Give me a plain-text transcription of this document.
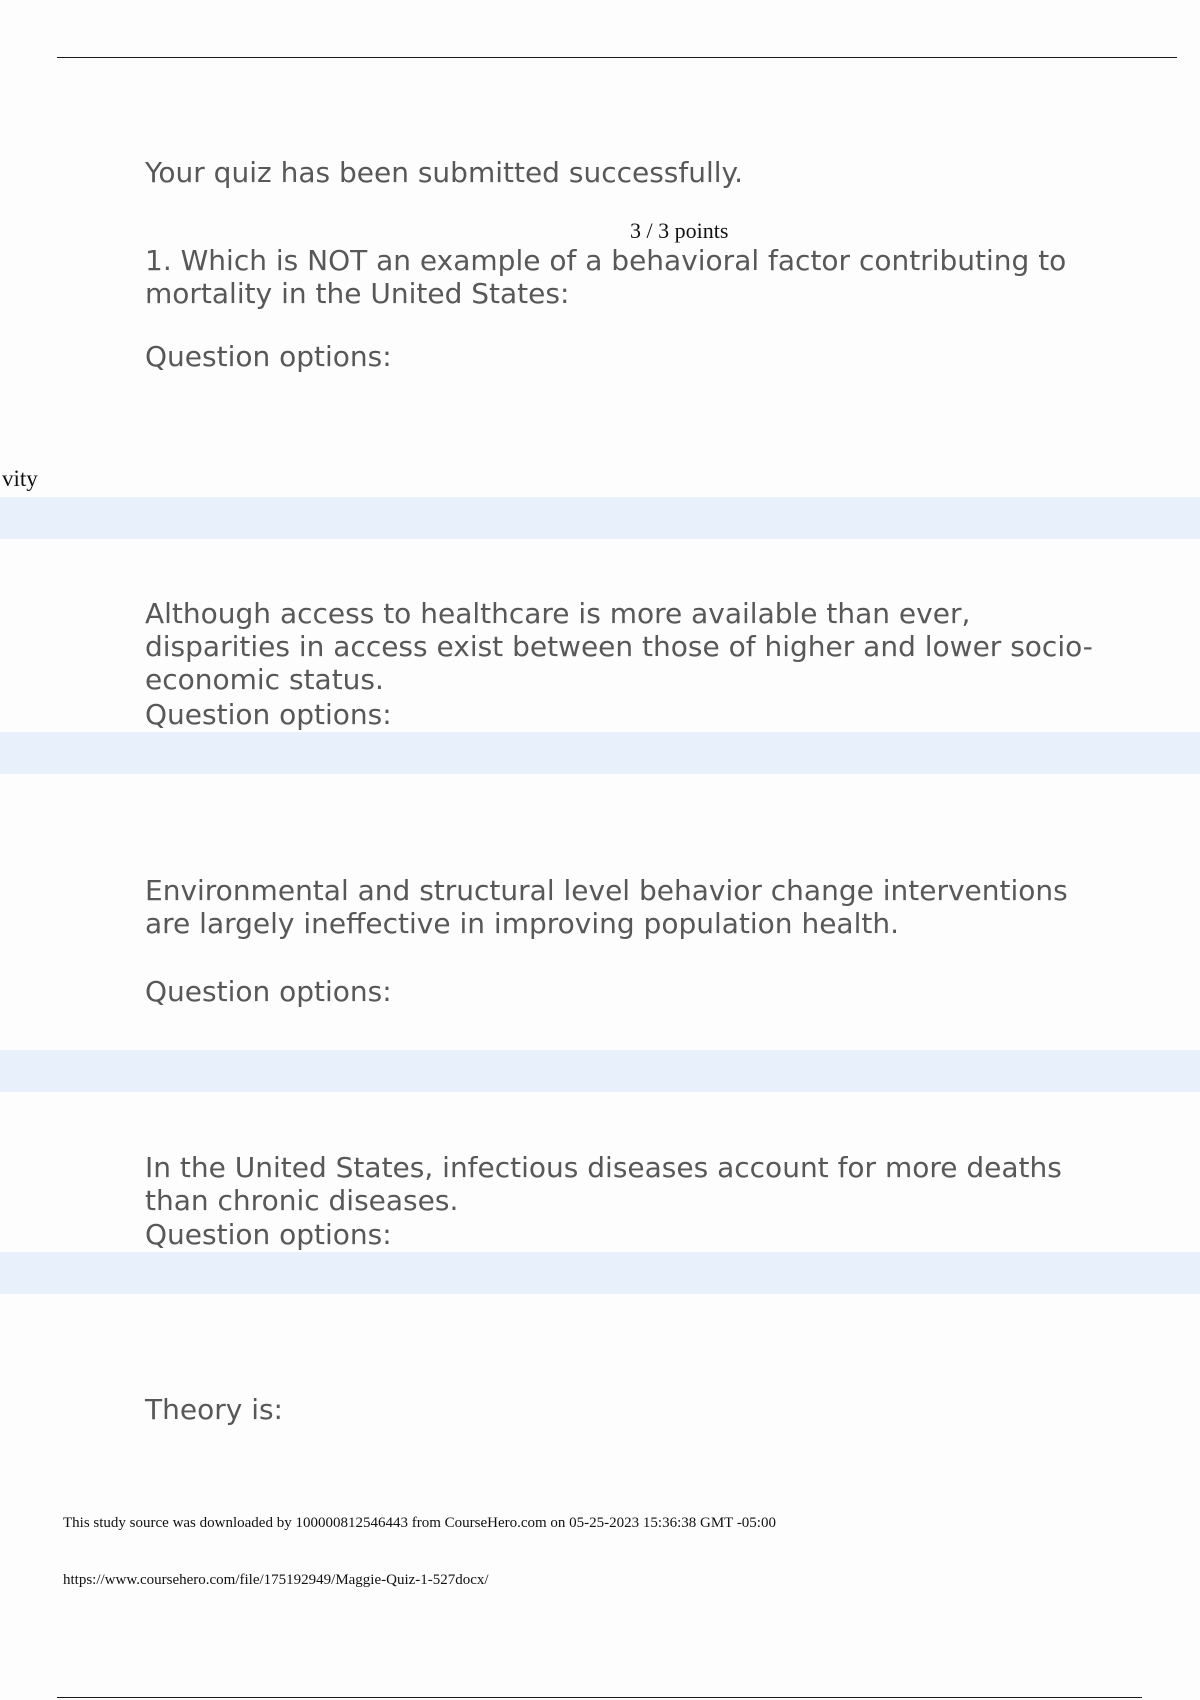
Your quiz has been submitted successfully.
3 / 3 points
1. Which is NOT an example of a behavioral factor contributing to mortality in the United States:
Question options:
vity
Although access to healthcare is more available than ever, disparities in access exist between those of higher and lower socio-economic status.
Question options:
Environmental and structural level behavior change interventions are largely ineffective in improving population health.
Question options:
In the United States, infectious diseases account for more deaths than chronic diseases.
Question options:
Theory is:
This study source was downloaded by 100000812546443 from CourseHero.com on 05-25-2023 15:36:38 GMT -05:00
https://www.coursehero.com/file/175192949/Maggie-Quiz-1-527docx/
